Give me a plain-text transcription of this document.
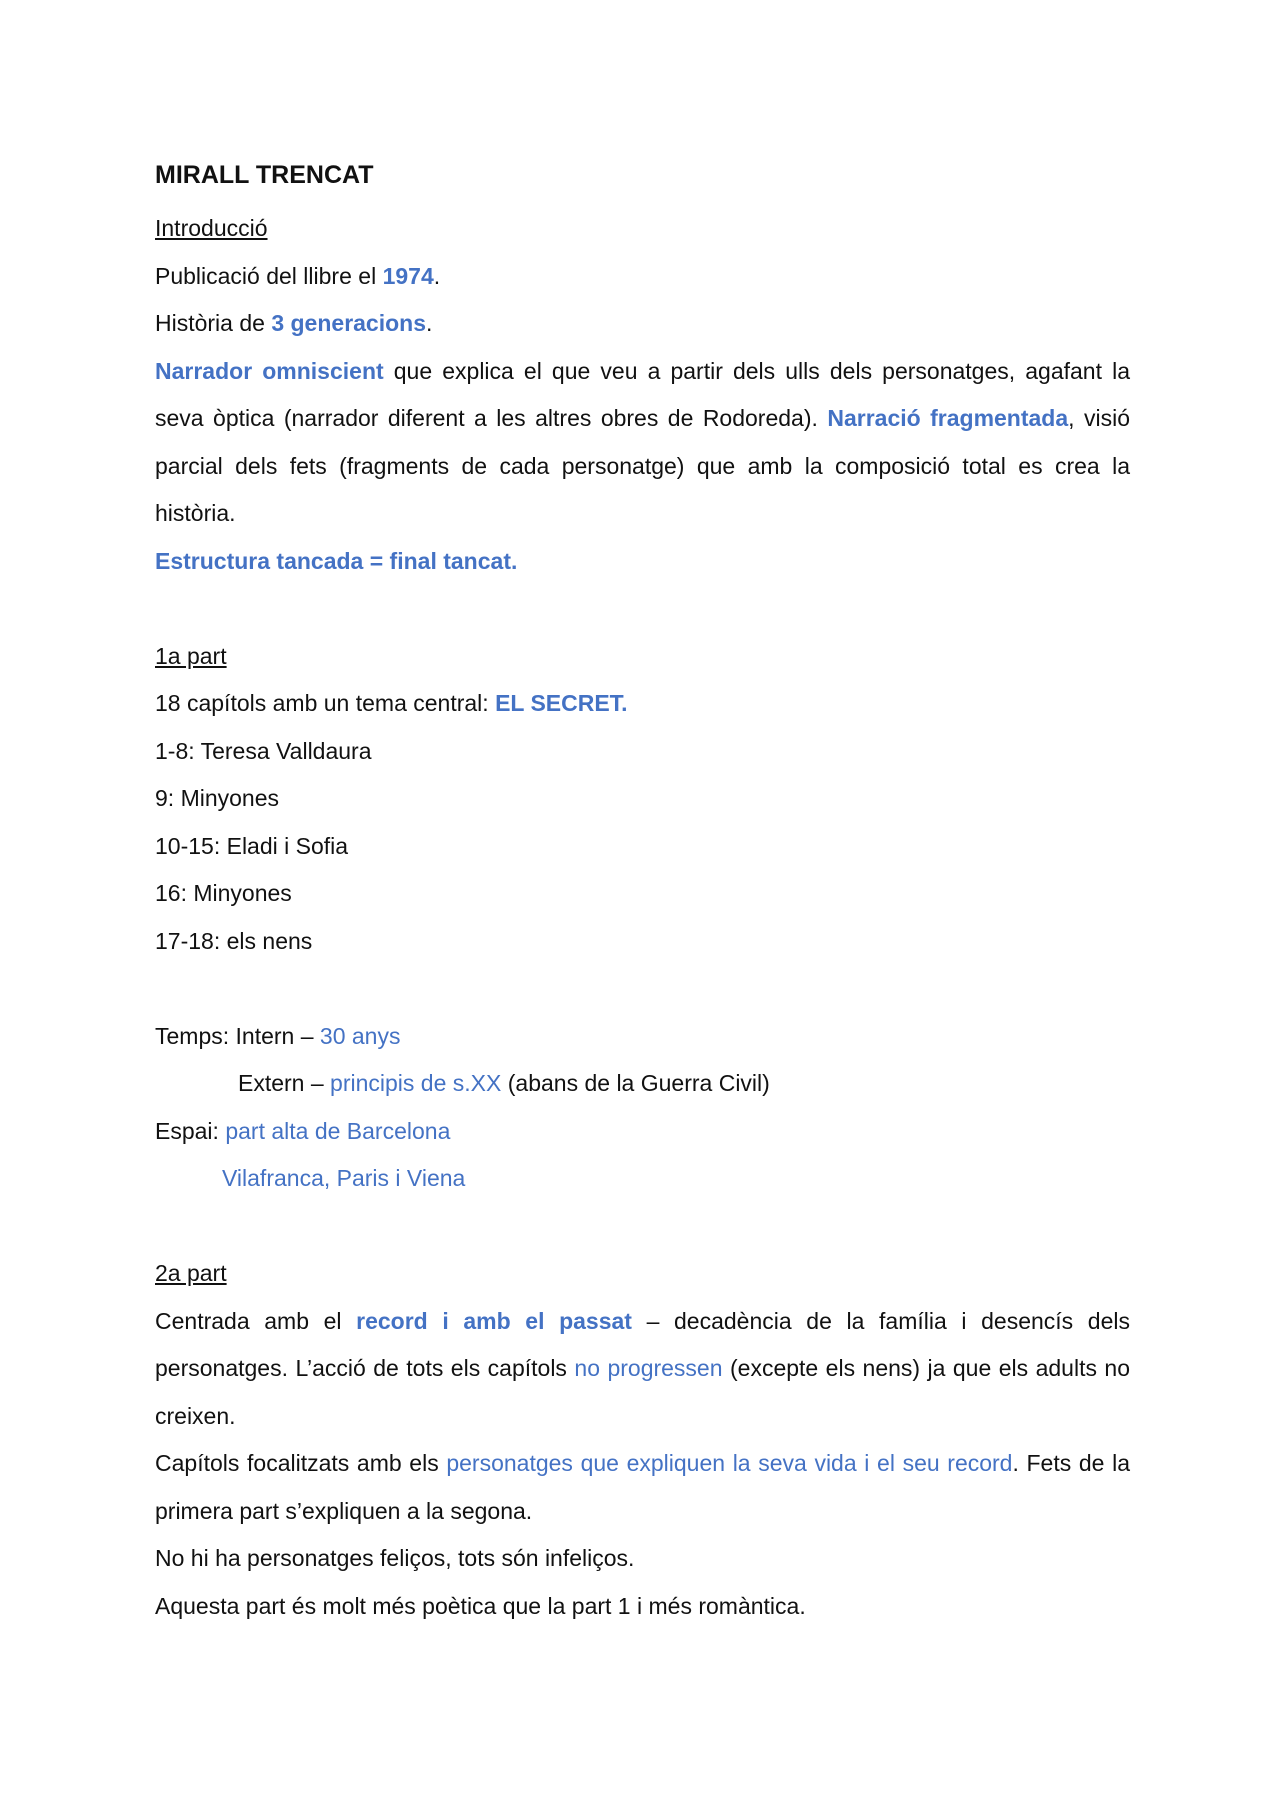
MIRALL TRENCAT

Introducció

Publicació del llibre el 1974.

Història de 3 generacions.

Narrador omniscient que explica el que veu a partir dels ulls dels personatges, agafant la seva òptica (narrador diferent a les altres obres de Rodoreda). Narració fragmentada, visió parcial dels fets (fragments de cada personatge) que amb la composició total es crea la història.

Estructura tancada = final tancat.

1a part

18 capítols amb un tema central: EL SECRET.

1-8: Teresa Valldaura

9: Minyones

10-15: Eladi i Sofia

16: Minyones

17-18: els nens

Temps: Intern – 30 anys

Extern – principis de s.XX (abans de la Guerra Civil)

Espai: part alta de Barcelona

Vilafranca, Paris i Viena

2a part

Centrada amb el record i amb el passat – decadència de la família i desencís dels personatges. L’acció de tots els capítols no progressen (excepte els nens) ja que els adults no creixen.

Capítols focalitzats amb els personatges que expliquen la seva vida i el seu record. Fets de la primera part s’expliquen a la segona.

No hi ha personatges feliços, tots són infeliços.

Aquesta part és molt més poètica que la part 1 i més romàntica.
